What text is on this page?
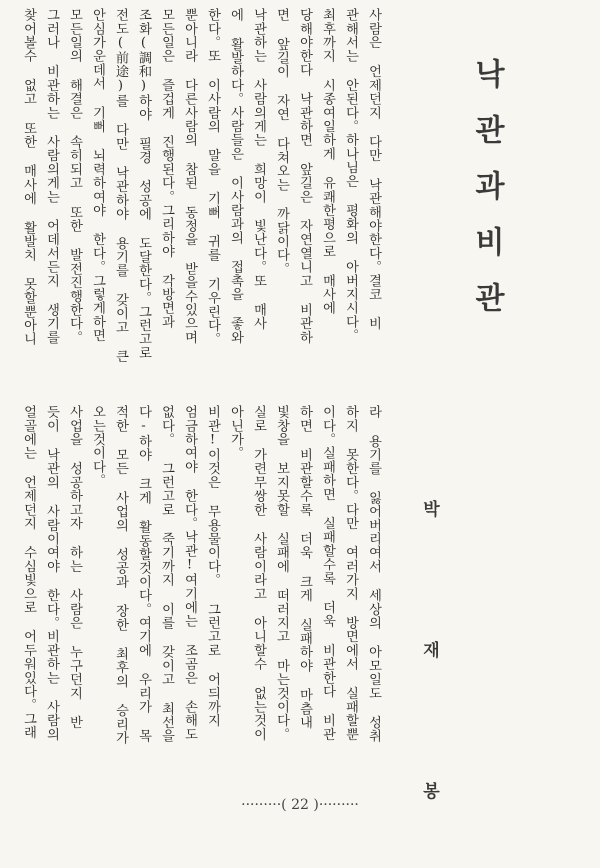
낙관과비관
박 재 봉
사람은 언제던지 다만 낙관해야한다。결코 비
관해서는 안된다。하나님은 평화의 아버지시다。
최후까지 시종여일하게 유쾌한평으로 매사에
당해야한다 낙관하면 앞길은 자연열니고 비관하
면 앞길이 자연 다쳐오는 까닭이다。
낙관하는 사람의게는 희망이 빛난다。또 매사
에 활발하다。사람들은 이사람과의 접촉을 좋와
한다。또 이사람의 말을 기뻐 귀를 기우린다。
뿐아니라 다른사람의 참된 동정을 받을수있으며
모든일은 즐겁게 진행된다。그리하야 각방면과
조화(調和)하야 필경 성공에 도달한다。그런고로
전도(前途)를 다만 낙관하야 용기를 갖이고 큰
안심가운데서 기뻐 뇌력하여야 한다。그렇게하면
모든일의 해결은 속히되고 또한 발전진행한다。
그러나 비관하는 사람의게는 어데서든지 생기를
찾어볼수 없고 또한 매사에 활발치 못할뿐아니
라 용기를 잃어버리여서 세상의 아모일도 성취
하지 못한다。다만 여러가지 방면에서 실패할뿐
이다。실패하면 실패할수록 더욱 비관한다 비관
하면 비관할수록 더욱 크게 실패하야 마츰내
빛창을 보지못할 실패에 떠러지고 마는것이다。
실로 가련무쌍한 사람이라고 아니할수 없는것이
아닌가。
비관!이것은 무용물이다。 그런고로 어듸까지
엄금하여야 한다。낙관!여기에는 조곰은 손해도
없다。 그런고로 죽기까지 이를 갖이고 최선을
다-하야 크게 활동할것이다。여기에 우리가 목
적한 모든 사업의 성공과 장한 최후의 승리가
오는것이다。
사업을 성공하고자 하는 사람은 누구던지 반
듯이 낙관의 사람이여야 한다。비관하는 사람의
얼골에는 언제던지 수심빛으로 어두워있다。그래
·········( 22 )·········
